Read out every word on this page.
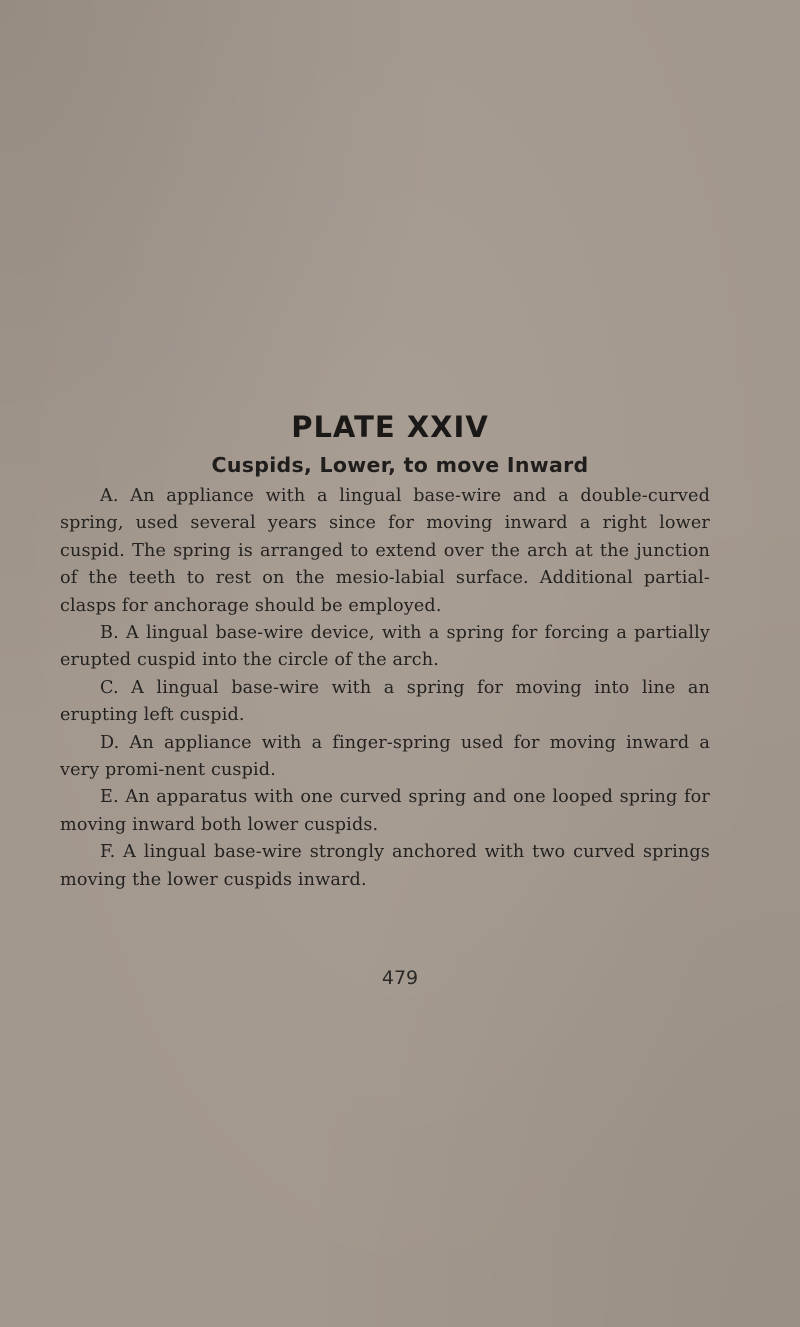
PLATE XXIV
Cuspids, Lower, to move Inward

A. An appliance with a lingual base-wire and a double-curved spring, used several years since for moving inward a right lower cuspid. The spring is arranged to extend over the arch at the junction of the teeth to rest on the mesio-labial surface. Additional partial-clasps for anchorage should be employed.

B. A lingual base-wire device, with a spring for forcing a partially erupted cuspid into the circle of the arch.

C. A lingual base-wire with a spring for moving into line an erupting left cuspid.

D. An appliance with a finger-spring used for moving inward a very promi-nent cuspid.

E. An apparatus with one curved spring and one looped spring for moving inward both lower cuspids.

F. A lingual base-wire strongly anchored with two curved springs moving the lower cuspids inward.

479
